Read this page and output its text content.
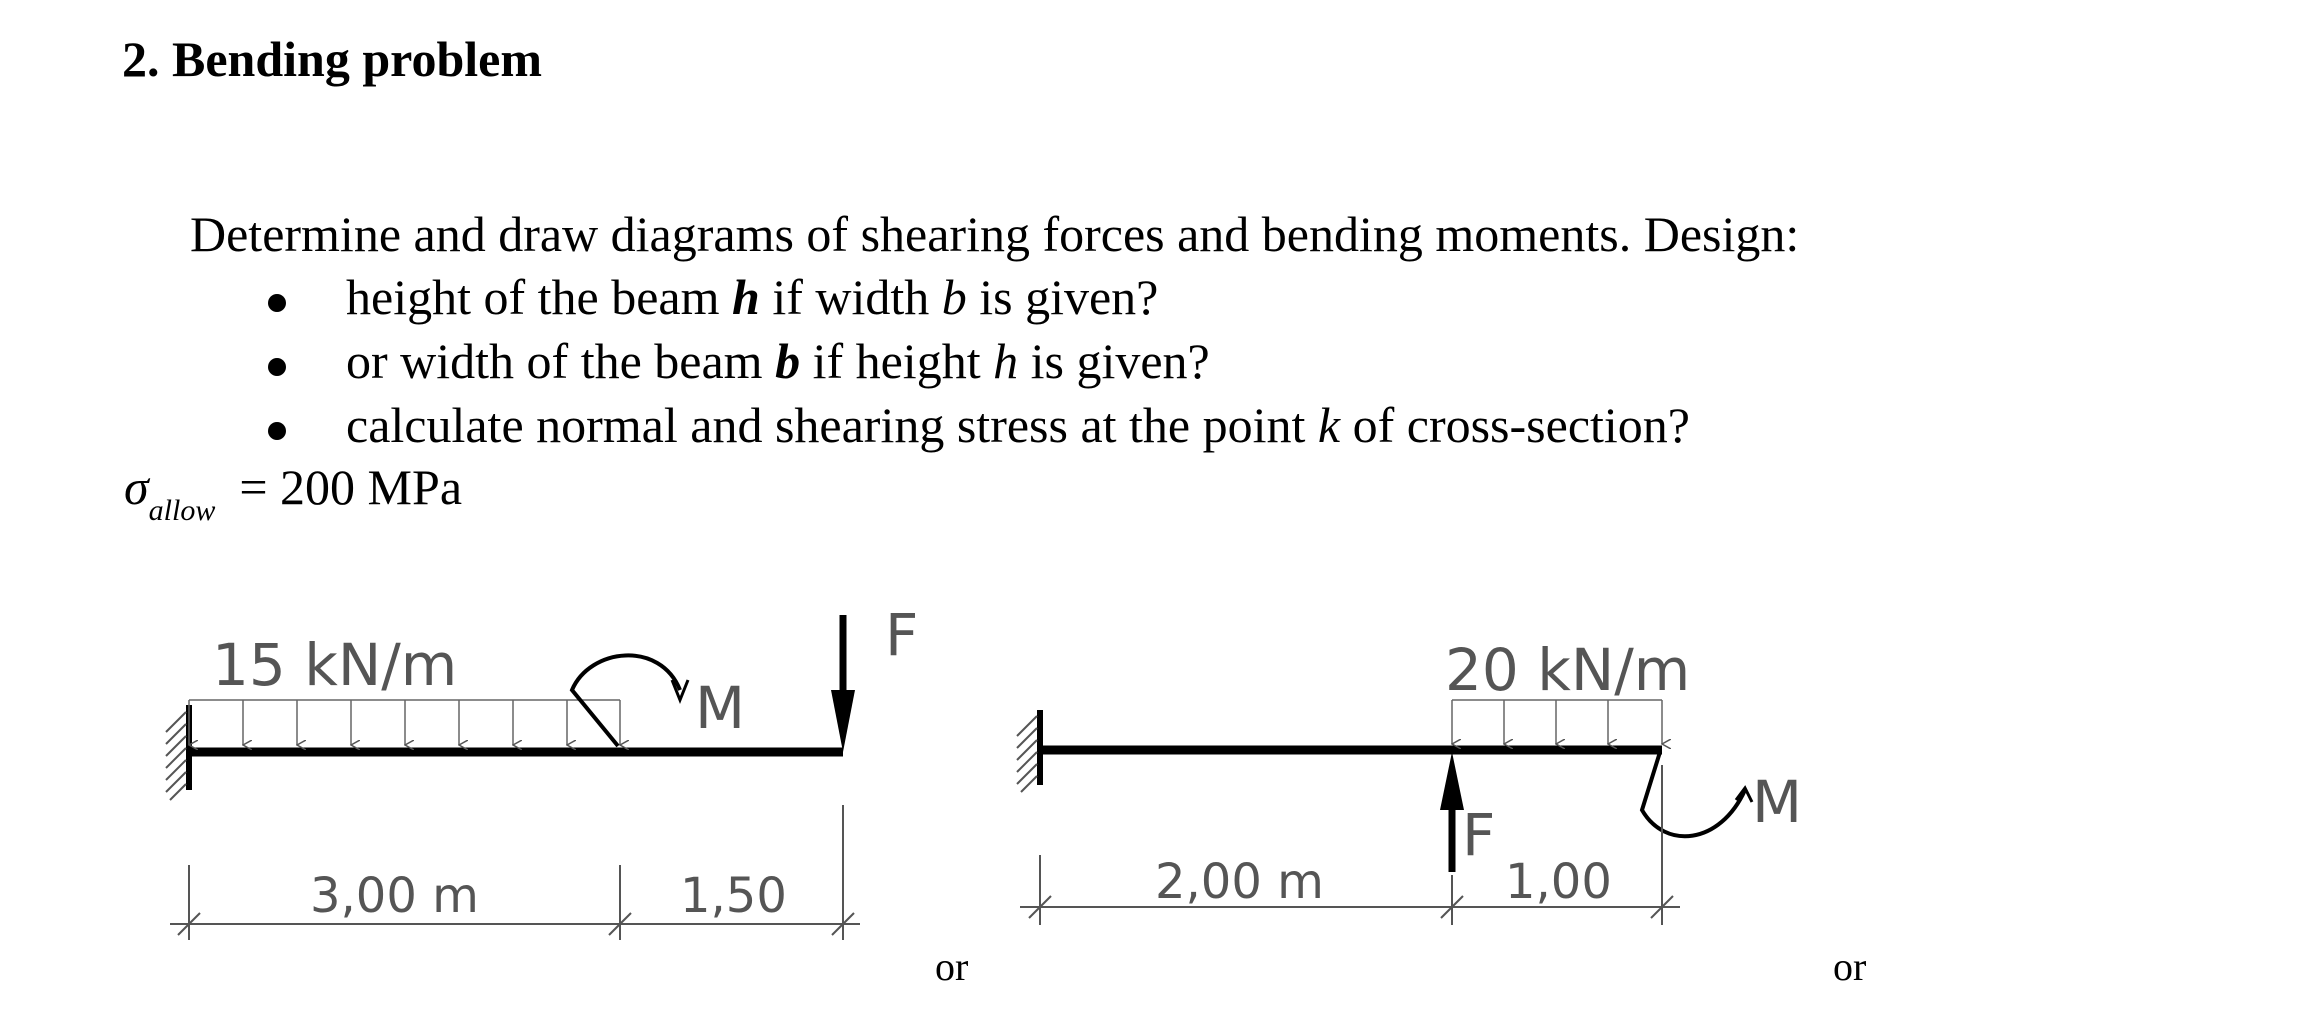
2. Bending problem
Determine and draw diagrams of shearing forces and bending moments. Design:
height of the beam h if width b is given?
or width of the beam b if height h is given?
calculate normal and shearing stress at the point k of cross-section?
$\sigma_{allow} = 200$ MPa
15 kN/m
M
F
3,00 m	1,50
or
20 kN/m
F	M
2,00 m	1,00
or
